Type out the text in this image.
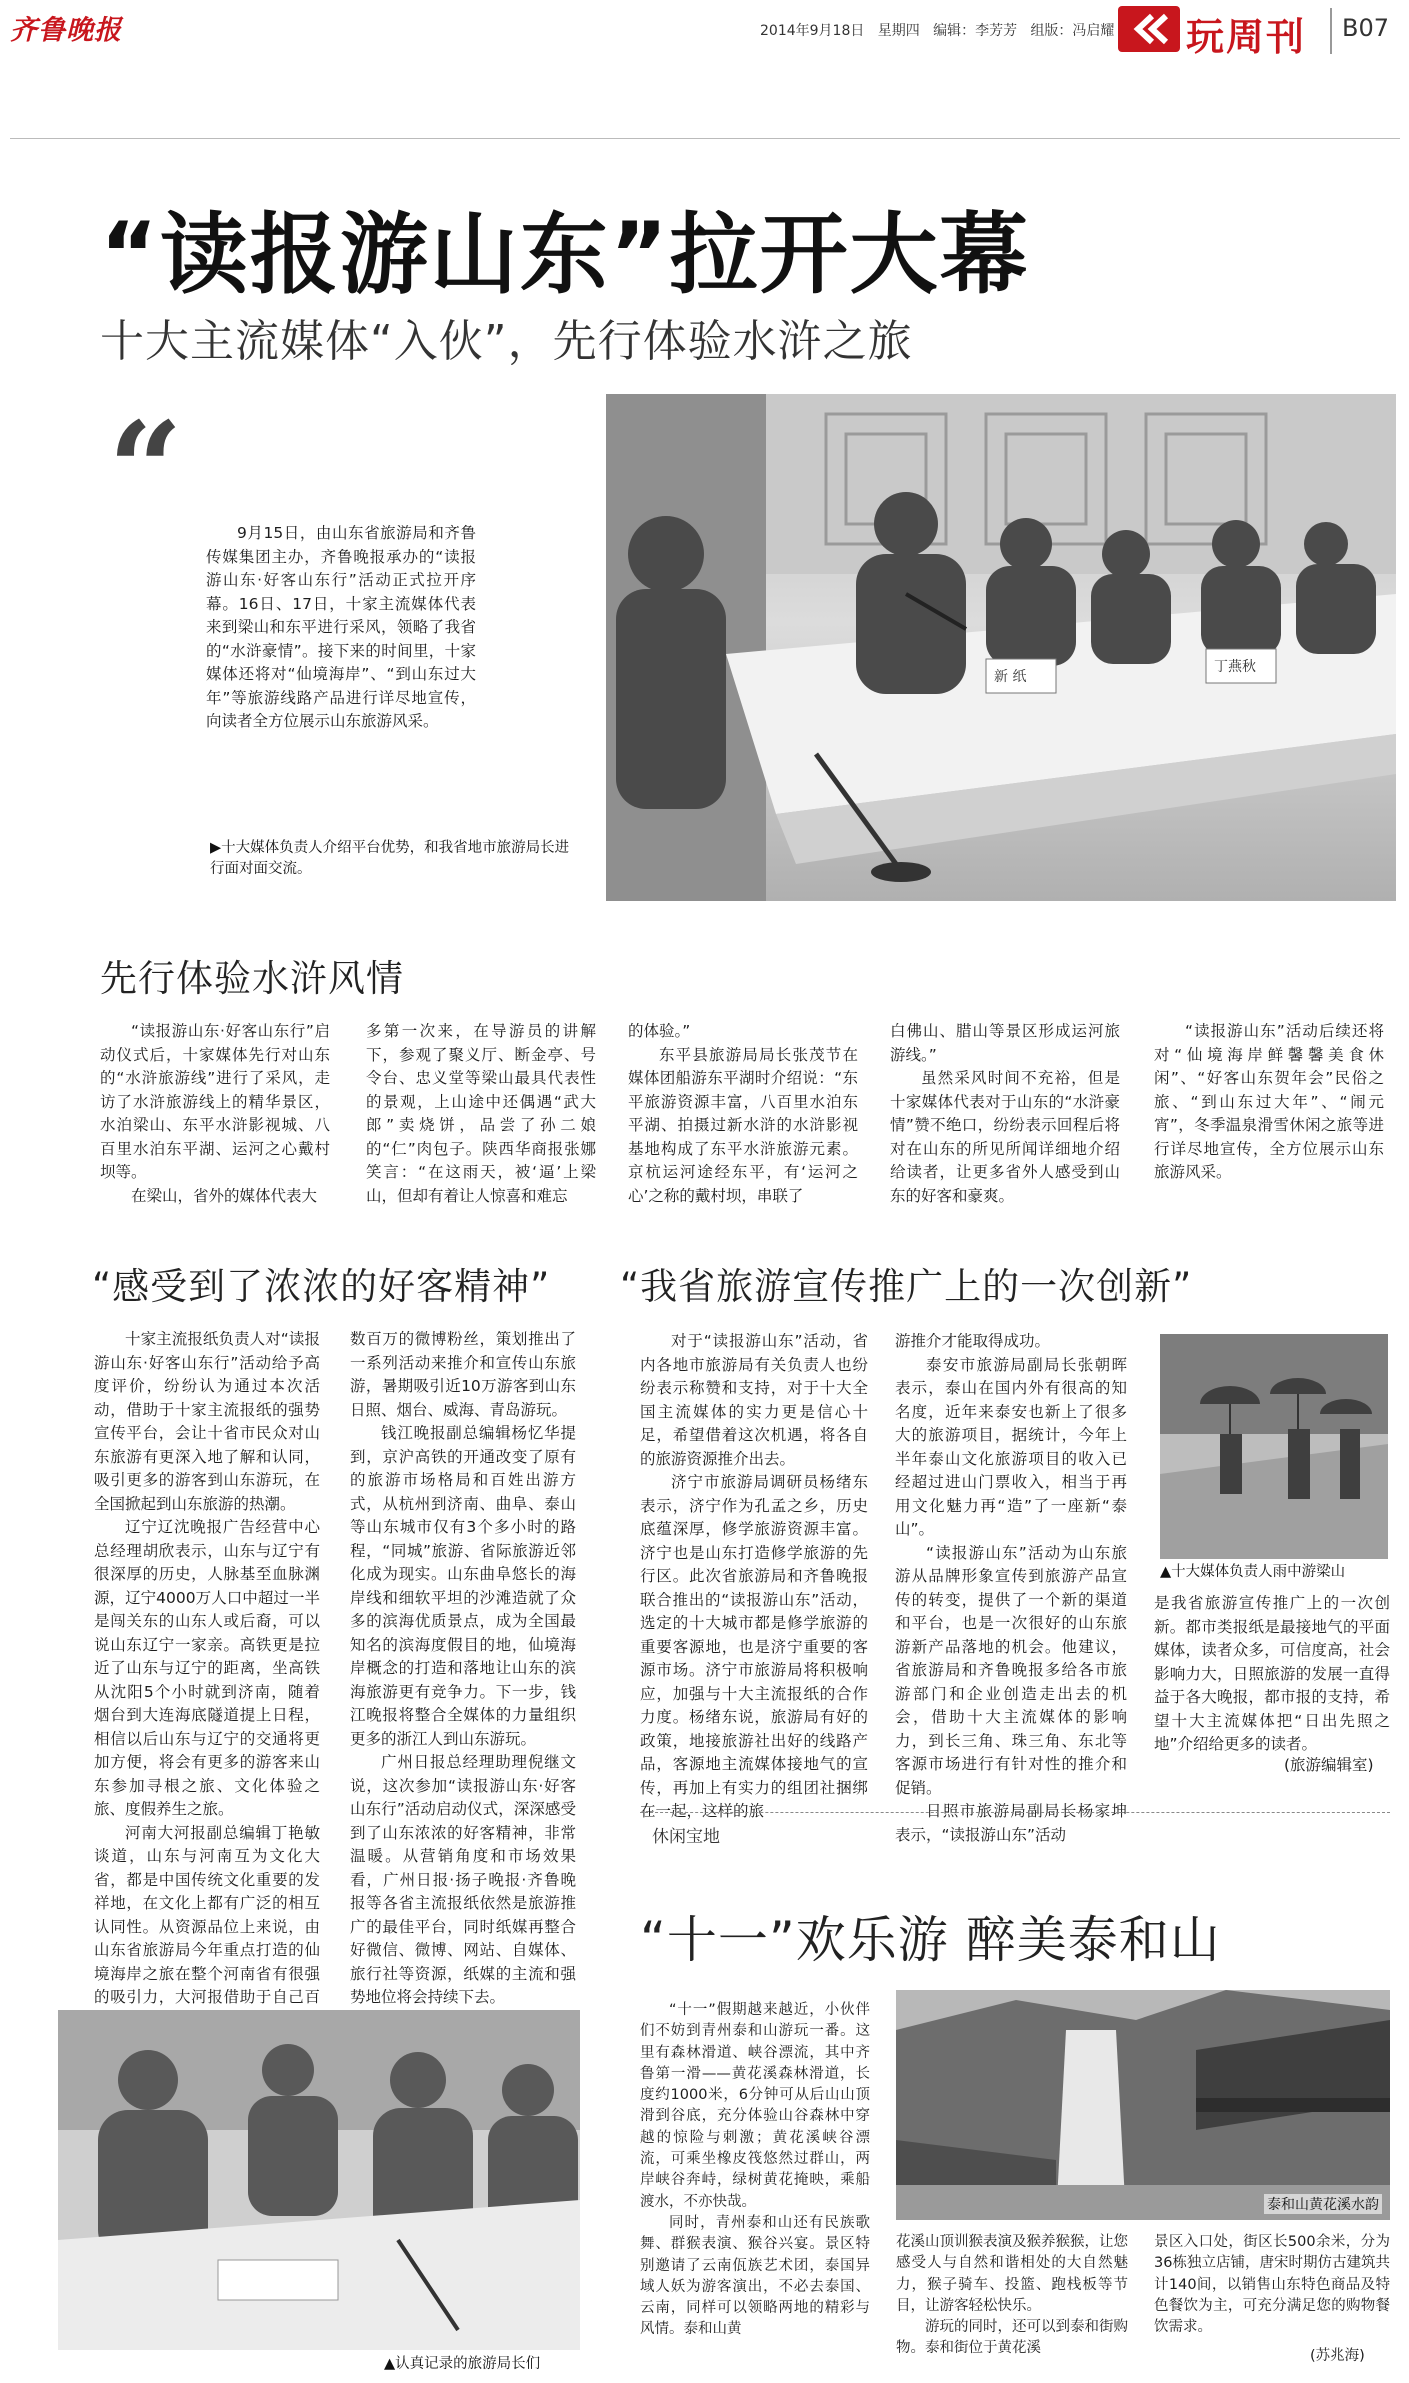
齐鲁晚报	2014年9月18日 星期四 编辑：李芳芳 组版：冯启耀 玩周刊 B07
“读报游山东”拉开大幕
十大主流媒体“入伙”，先行体验水浒之旅
“	9月15日，由山东省旅游局和齐鲁传媒集团主办，齐鲁晚报承办的“读报游山东·好客山东行”活动正式拉开序幕。16日、17日，十家主流媒体代表来到梁山和东平进行采风，领略了我省的“水浒豪情”。接下来的时间里，十家媒体还将对“仙境海岸”、“到山东过大年”等旅游线路产品进行详尽地宣传，向读者全方位展示山东旅游风采。

新 纸
丁燕秋
▶十大媒体负责人介绍平台优势，和我省地市旅游局长进行面对面交流。
先行体验水浒风情

“读报游山东·好客山东行”启动仪式后，十家媒体先行对山东的“水浒旅游线”进行了采风，走访了水浒旅游线上的精华景区，水泊梁山、东平水浒影视城、八百里水泊东平湖、运河之心戴村坝等。

在梁山，省外的媒体代表大

多第一次来，在导游员的讲解下，参观了聚义厅、断金亭、号令台、忠义堂等梁山最具代表性的景观，上山途中还偶遇“武大郎”卖烧饼，品尝了孙二娘的“仁”肉包子。陕西华商报张娜笑言：“在这雨天，被‘逼’上梁山，但却有着让人惊喜和难忘

的体验。”

东平县旅游局局长张茂节在媒体团船游东平湖时介绍说：“东平旅游资源丰富，八百里水泊东平湖、拍摄过新水浒的水浒影视基地构成了东平水浒旅游元素。京杭运河途经东平，有‘运河之心’之称的戴村坝，串联了

白佛山、腊山等景区形成运河旅游线。”

虽然采风时间不充裕，但是十家媒体代表对于山东的“水浒豪情”赞不绝口，纷纷表示回程后将对在山东的所见所闻详细地介绍给读者，让更多省外人感受到山东的好客和豪爽。

“读报游山东”活动后续还将对“仙境海岸鲜馨馨美食休闲”、“好客山东贺年会”民俗之旅、“到山东过大年”、“闹元宵”，冬季温泉滑雪休闲之旅等进行详尽地宣传，全方位展示山东旅游风采。

“感受到了浓浓的好客精神”

十家主流报纸负责人对“读报游山东·好客山东行”活动给予高度评价，纷纷认为通过本次活动，借助于十家主流报纸的强势宣传平台，会让十省市民众对山东旅游有更深入地了解和认同，吸引更多的游客到山东游玩，在全国掀起到山东旅游的热潮。

辽宁辽沈晚报广告经营中心总经理胡欣表示，山东与辽宁有很深厚的历史，人脉基至血脉渊源，辽宁4000万人口中超过一半是闯关东的山东人或后裔，可以说山东辽宁一家亲。高铁更是拉近了山东与辽宁的距离，坐高铁从沈阳5个小时就到济南，随着烟台到大连海底隧道提上日程，相信以后山东与辽宁的交通将更加方便，将会有更多的游客来山东参加寻根之旅、文化体验之旅、度假养生之旅。

河南大河报副总编辑丁艳敏谈道，山东与河南互为文化大省，都是中国传统文化重要的发祥地，在文化上都有广泛的相互认同性。从资源品位上来说，由山东省旅游局今年重点打造的仙境海岸之旅在整个河南省有很强的吸引力，大河报借助于自己百

数百万的微博粉丝，策划推出了一系列活动来推介和宣传山东旅游，暑期吸引近10万游客到山东日照、烟台、威海、青岛游玩。

钱江晚报副总编辑杨忆华提到，京沪高铁的开通改变了原有的旅游市场格局和百姓出游方式，从杭州到济南、曲阜、泰山等山东城市仅有3个多小时的路程，“同城”旅游、省际旅游近邻化成为现实。山东曲阜悠长的海岸线和细软平坦的沙滩造就了众多的滨海优质景点，成为全国最知名的滨海度假目的地，仙境海岸概念的打造和落地让山东的滨海旅游更有竞争力。下一步，钱江晚报将整合全媒体的力量组织更多的浙江人到山东游玩。

广州日报总经理助理倪继文说，这次参加“读报游山东·好客山东行”活动启动仪式，深深感受到了山东浓浓的好客精神，非常温暖。从营销角度和市场效果看，广州日报·扬子晚报·齐鲁晚报等各省主流报纸依然是旅游推广的最佳平台，同时纸媒再整合好微信、微博、网站、自媒体、旅行社等资源，纸媒的主流和强势地位将会持续下去。

▲认真记录的旅游局长们
“我省旅游宣传推广上的一次创新”

对于“读报游山东”活动，省内各地市旅游局有关负责人也纷纷表示称赞和支持，对于十大全国主流媒体的实力更是信心十足，希望借着这次机遇，将各自的旅游资源推介出去。

济宁市旅游局调研员杨绪东表示，济宁作为孔孟之乡，历史底蕴深厚，修学旅游资源丰富。济宁也是山东打造修学旅游的先行区。此次省旅游局和齐鲁晚报联合推出的“读报游山东”活动，选定的十大城市都是修学旅游的重要客源地，也是济宁重要的客源市场。济宁市旅游局将积极响应，加强与十大主流报纸的合作力度。杨绪东说，旅游局有好的政策，地接旅游社出好的线路产品，客源地主流媒体接地气的宣传，再加上有实力的组团社捆绑在一起，这样的旅

游推介才能取得成功。

泰安市旅游局副局长张朝晖表示，泰山在国内外有很高的知名度，近年来泰安也新上了很多大的旅游项目，据统计，今年上半年泰山文化旅游项目的收入已经超过进山门票收入，相当于再用文化魅力再“造”了一座新“泰山”。

“读报游山东”活动为山东旅游从品牌形象宣传到旅游产品宣传的转变，提供了一个新的渠道和平台，也是一次很好的山东旅游新产品落地的机会。他建议，省旅游局和齐鲁晚报多给各市旅游部门和企业创造走出去的机会，借助十大主流媒体的影响力，到长三角、珠三角、东北等客源市场进行有针对性的推介和促销。

日照市旅游局副局长杨家坤表示，“读报游山东”活动

▲十大媒体负责人雨中游梁山

是我省旅游宣传推广上的一次创新。都市类报纸是最接地气的平面媒体，读者众多，可信度高，社会影响力大，日照旅游的发展一直得益于各大晚报，都市报的支持，希望十大主流媒体把“日出先照之地”介绍给更多的读者。

(旅游编辑室)
休闲宝地
“十一”欢乐游 醉美泰和山

“十一”假期越来越近，小伙伴们不妨到青州泰和山游玩一番。这里有森林滑道、峡谷漂流，其中齐鲁第一滑——黄花溪森林滑道，长度约1000米，6分钟可从后山山顶滑到谷底，充分体验山谷森林中穿越的惊险与刺激；黄花溪峡谷漂流，可乘坐橡皮筏悠然过群山，两岸峡谷奔峙，绿树黄花掩映，乘船渡水，不亦快哉。

同时，青州泰和山还有民族歌舞、群猴表演、猴谷兴宴。景区特别邀请了云南佤族艺术团，泰国异域人妖为游客演出，不必去泰国、云南，同样可以领略两地的精彩与风情。泰和山黄

泰和山黄花溪水韵

花溪山顶训猴表演及猴养猴猴，让您感受人与自然和谐相处的大自然魅力，猴子骑车、投篮、跑栈板等节目，让游客轻松快乐。

游玩的同时，还可以到泰和街购物。泰和街位于黄花溪

景区入口处，街区长500余米，分为36栋独立店铺，唐宋时期仿古建筑共计140间，以销售山东特色商品及特色餐饮为主，可充分满足您的购物餐饮需求。

(苏兆海)
